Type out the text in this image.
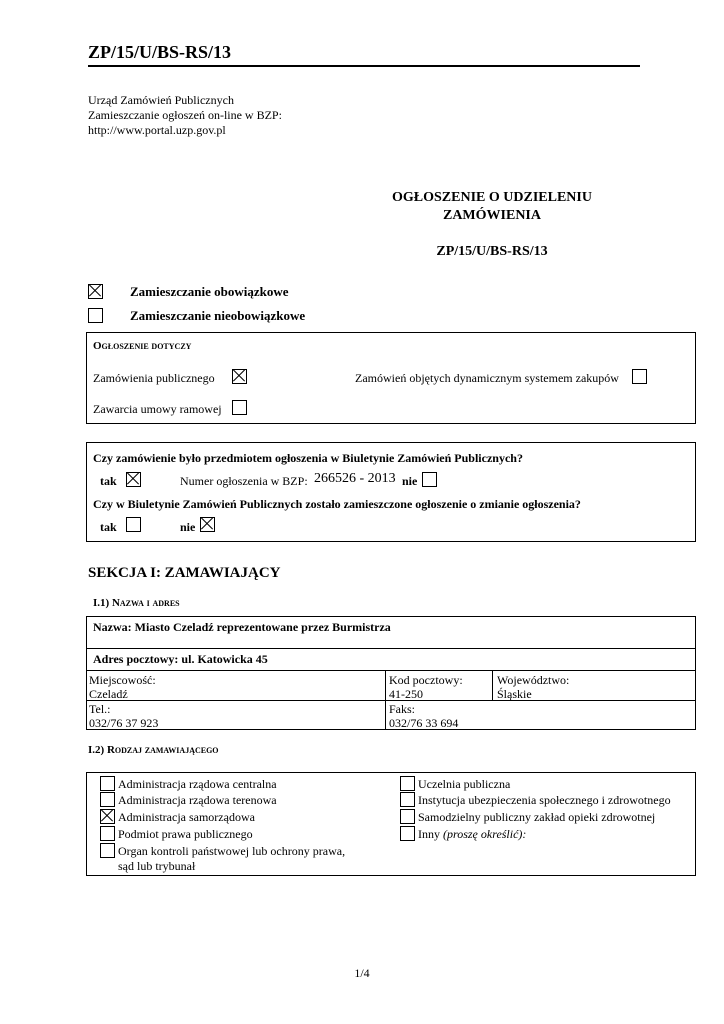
ZP/15/U/BS-RS/13
Urząd Zamówień Publicznych
Zamieszczanie ogłoszeń on-line w BZP:
http://www.portal.uzp.gov.pl
OGŁOSZENIE O UDZIELENIU
ZAMÓWIENIA
ZP/15/U/BS-RS/13
Zamieszczanie obowiązkowe
Zamieszczanie nieobowiązkowe
Ogłoszenie dotyczy
Zamówienia publicznego	Zamówień objętych dynamicznym systemem zakupów
Zawarcia umowy ramowej
Czy zamówienie było przedmiotem ogłoszenia w Biuletynie Zamówień Publicznych?
tak	Numer ogłoszenia w BZP: 266526 - 2013 nie
Czy w Biuletynie Zamówień Publicznych zostało zamieszczone ogłoszenie o zmianie ogłoszenia?
tak	nie
SEKCJA I: ZAMAWIAJĄCY
I.1) Nazwa i adres
Nazwa: Miasto Czeladź reprezentowane przez Burmistrza
Adres pocztowy: ul. Katowicka 45
Miejscowość:
Czeladź
Kod pocztowy:
41-250
Województwo:
Śląskie
Tel.:
032/76 37 923
Faks:
032/76 33 694
I.2) Rodzaj zamawiającego
Administracja rządowa centralna
Administracja rządowa terenowa
Administracja samorządowa
Podmiot prawa publicznego
Organ kontroli państwowej lub ochrony prawa,
sąd lub trybunał
Uczelnia publiczna
Instytucja ubezpieczenia społecznego i zdrowotnego
Samodzielny publiczny zakład opieki zdrowotnej
Inny (proszę określić):
1/4
